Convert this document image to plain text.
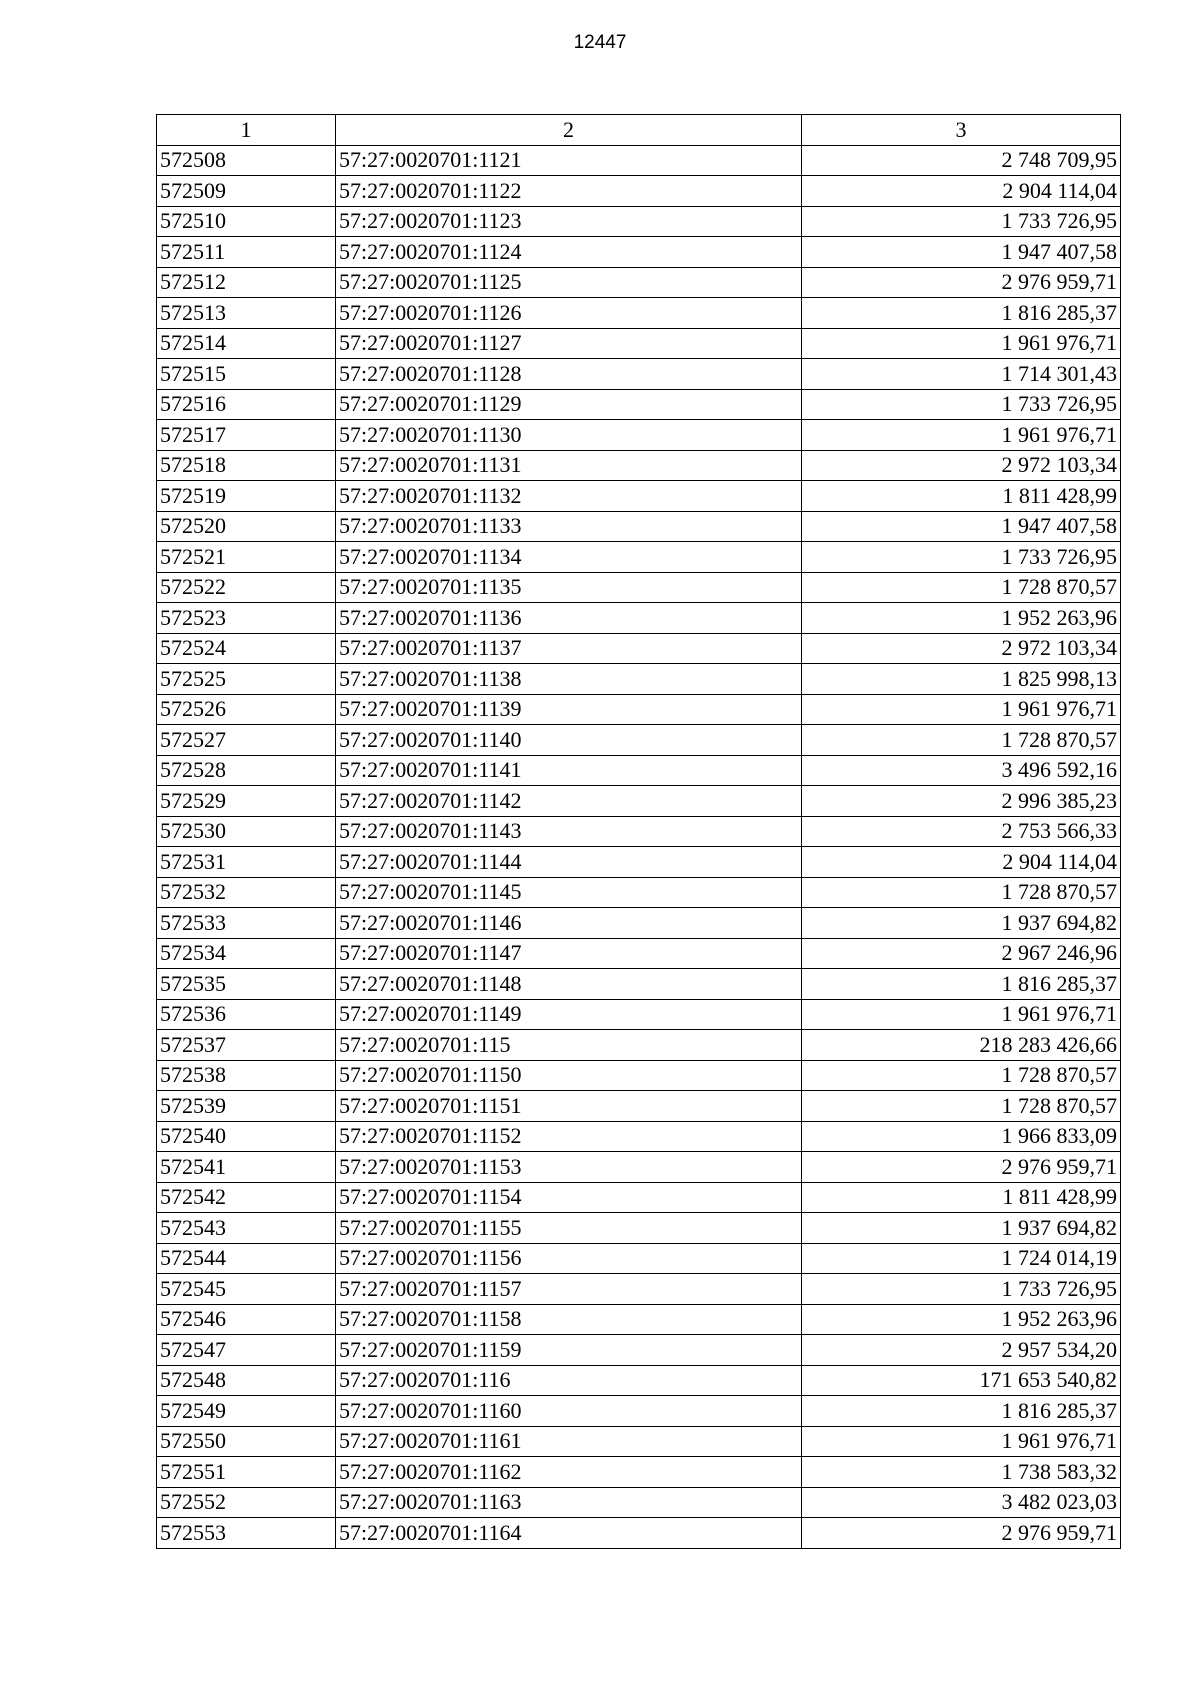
12447
1	2	3
572508	57:27:0020701:1121	2 748 709,95
572509	57:27:0020701:1122	2 904 114,04
572510	57:27:0020701:1123	1 733 726,95
572511	57:27:0020701:1124	1 947 407,58
572512	57:27:0020701:1125	2 976 959,71
572513	57:27:0020701:1126	1 816 285,37
572514	57:27:0020701:1127	1 961 976,71
572515	57:27:0020701:1128	1 714 301,43
572516	57:27:0020701:1129	1 733 726,95
572517	57:27:0020701:1130	1 961 976,71
572518	57:27:0020701:1131	2 972 103,34
572519	57:27:0020701:1132	1 811 428,99
572520	57:27:0020701:1133	1 947 407,58
572521	57:27:0020701:1134	1 733 726,95
572522	57:27:0020701:1135	1 728 870,57
572523	57:27:0020701:1136	1 952 263,96
572524	57:27:0020701:1137	2 972 103,34
572525	57:27:0020701:1138	1 825 998,13
572526	57:27:0020701:1139	1 961 976,71
572527	57:27:0020701:1140	1 728 870,57
572528	57:27:0020701:1141	3 496 592,16
572529	57:27:0020701:1142	2 996 385,23
572530	57:27:0020701:1143	2 753 566,33
572531	57:27:0020701:1144	2 904 114,04
572532	57:27:0020701:1145	1 728 870,57
572533	57:27:0020701:1146	1 937 694,82
572534	57:27:0020701:1147	2 967 246,96
572535	57:27:0020701:1148	1 816 285,37
572536	57:27:0020701:1149	1 961 976,71
572537	57:27:0020701:115	218 283 426,66
572538	57:27:0020701:1150	1 728 870,57
572539	57:27:0020701:1151	1 728 870,57
572540	57:27:0020701:1152	1 966 833,09
572541	57:27:0020701:1153	2 976 959,71
572542	57:27:0020701:1154	1 811 428,99
572543	57:27:0020701:1155	1 937 694,82
572544	57:27:0020701:1156	1 724 014,19
572545	57:27:0020701:1157	1 733 726,95
572546	57:27:0020701:1158	1 952 263,96
572547	57:27:0020701:1159	2 957 534,20
572548	57:27:0020701:116	171 653 540,82
572549	57:27:0020701:1160	1 816 285,37
572550	57:27:0020701:1161	1 961 976,71
572551	57:27:0020701:1162	1 738 583,32
572552	57:27:0020701:1163	3 482 023,03
572553	57:27:0020701:1164	2 976 959,71
